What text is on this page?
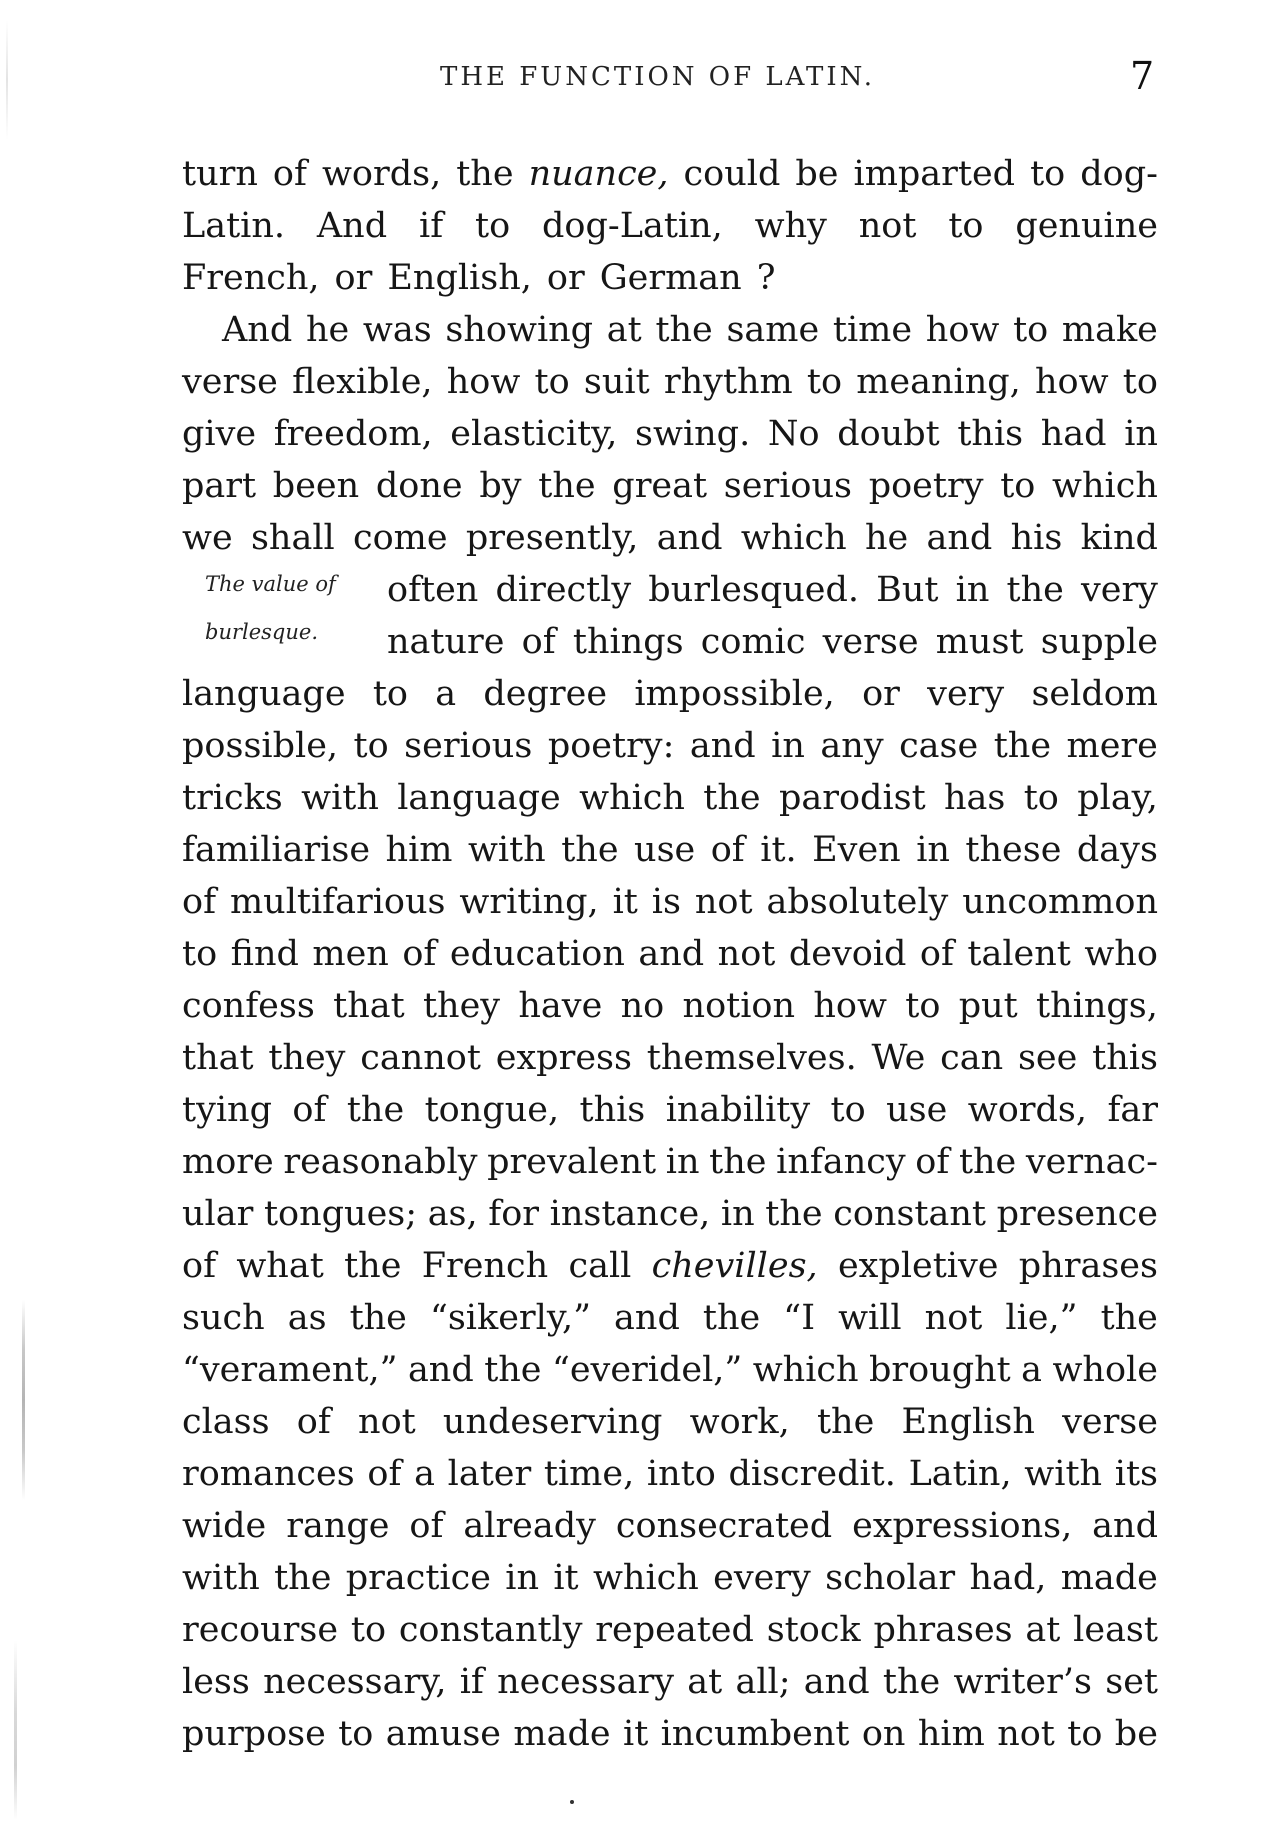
THE FUNCTION OF LATIN.	7
The value of
burlesque.
turn of words, the nuance, could be imparted to dog-
Latin. And if to dog-Latin, why not to genuine
French, or English, or German ?
And he was showing at the same time how to make
verse flexible, how to suit rhythm to meaning, how to
give freedom, elasticity, swing. No doubt this had in
part been done by the great serious poetry to which
we shall come presently, and which he and his kind
often directly burlesqued. But in the very
nature of things comic verse must supple
language to a degree impossible, or very seldom
possible, to serious poetry: and in any case the mere
tricks with language which the parodist has to play,
familiarise him with the use of it. Even in these days
of multifarious writing, it is not absolutely uncommon
to find men of education and not devoid of talent who
confess that they have no notion how to put things,
that they cannot express themselves. We can see this
tying of the tongue, this inability to use words, far
more reasonably prevalent in the infancy of the vernac-
ular tongues; as, for instance, in the constant presence
of what the French call chevilles, expletive phrases
such as the “sikerly,” and the “I will not lie,” the
“verament,” and the “everidel,” which brought a whole
class of not undeserving work, the English verse
romances of a later time, into discredit. Latin, with its
wide range of already consecrated expressions, and
with the practice in it which every scholar had, made
recourse to constantly repeated stock phrases at least
less necessary, if necessary at all; and the writer’s set
purpose to amuse made it incumbent on him not to be
